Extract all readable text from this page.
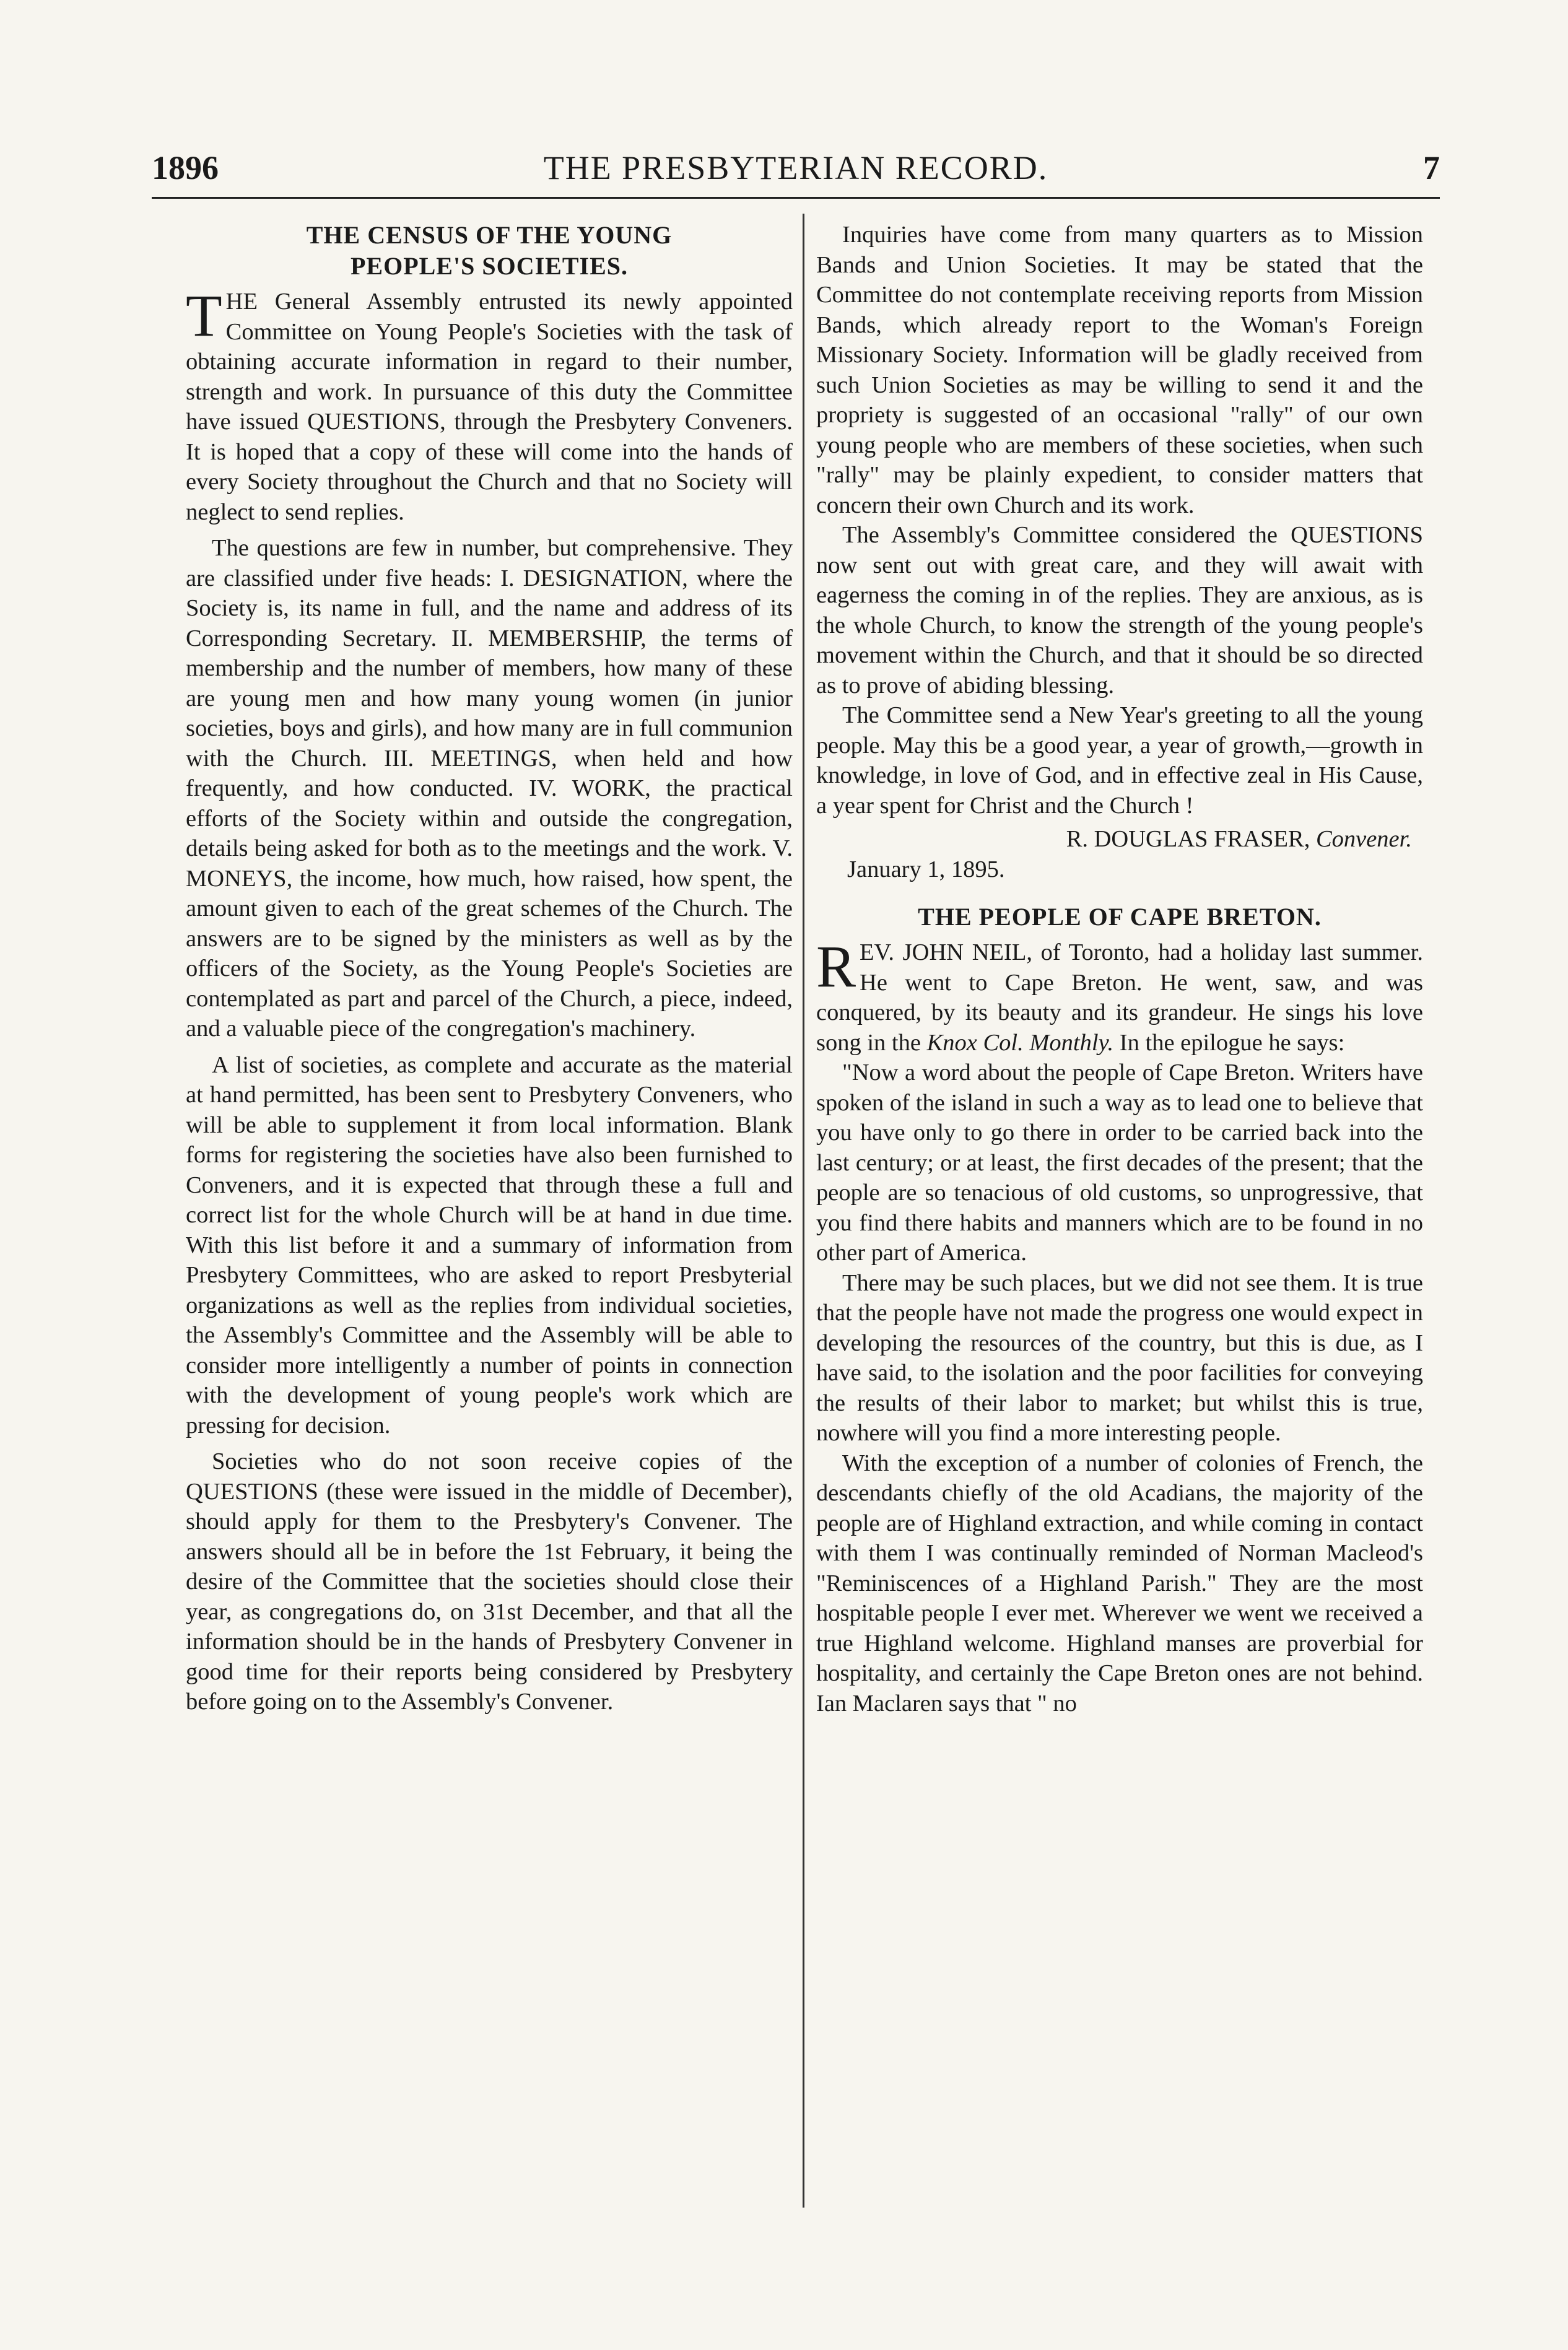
1896	THE PRESBYTERIAN RECORD.	7
THE CENSUS OF THE YOUNG
PEOPLE'S SOCIETIES.

THE General Assembly entrusted its newly appointed Committee on Young People's Societies with the task of obtaining accurate information in regard to their number, strength and work. In pursuance of this duty the Committee have issued QUESTIONS, through the Presbytery Conveners. It is hoped that a copy of these will come into the hands of every Society throughout the Church and that no Society will neglect to send replies.

The questions are few in number, but comprehensive. They are classified under five heads: I. DESIGNATION, where the Society is, its name in full, and the name and address of its Corresponding Secretary. II. MEMBERSHIP, the terms of membership and the number of members, how many of these are young men and how many young women (in junior societies, boys and girls), and how many are in full communion with the Church. III. MEETINGS, when held and how frequently, and how conducted. IV. WORK, the practical efforts of the Society within and outside the congregation, details being asked for both as to the meetings and the work. V. MONEYS, the income, how much, how raised, how spent, the amount given to each of the great schemes of the Church. The answers are to be signed by the ministers as well as by the officers of the Society, as the Young People's Societies are contemplated as part and parcel of the Church, a piece, indeed, and a valuable piece of the congregation's machinery.

A list of societies, as complete and accurate as the material at hand permitted, has been sent to Presbytery Conveners, who will be able to supplement it from local information. Blank forms for registering the societies have also been furnished to Conveners, and it is expected that through these a full and correct list for the whole Church will be at hand in due time. With this list before it and a summary of information from Presbytery Committees, who are asked to report Presbyterial organizations as well as the replies from individual societies, the Assembly's Committee and the Assembly will be able to consider more intelligently a number of points in connection with the development of young people's work which are pressing for decision.

Societies who do not soon receive copies of the QUESTIONS (these were issued in the middle of December), should apply for them to the Presbytery's Convener. The answers should all be in before the 1st February, it being the desire of the Committee that the societies should close their year, as congregations do, on 31st December, and that all the information should be in the hands of Presbytery Convener in good time for their reports being considered by Presbytery before going on to the Assembly's Convener.

Inquiries have come from many quarters as to Mission Bands and Union Societies. It may be stated that the Committee do not contemplate receiving reports from Mission Bands, which already report to the Woman's Foreign Missionary Society. Information will be gladly received from such Union Societies as may be willing to send it and the propriety is suggested of an occasional "rally" of our own young people who are members of these societies, when such "rally" may be plainly expedient, to consider matters that concern their own Church and its work.

The Assembly's Committee considered the QUESTIONS now sent out with great care, and they will await with eagerness the coming in of the replies. They are anxious, as is the whole Church, to know the strength of the young people's movement within the Church, and that it should be so directed as to prove of abiding blessing.

The Committee send a New Year's greeting to all the young people. May this be a good year, a year of growth,—growth in knowledge, in love of God, and in effective zeal in His Cause, a year spent for Christ and the Church !

R. DOUGLAS FRASER, Convener.
January 1, 1895.
THE PEOPLE OF CAPE BRETON.

REV. JOHN NEIL, of Toronto, had a holiday last summer. He went to Cape Breton. He went, saw, and was conquered, by its beauty and its grandeur. He sings his love song in the Knox Col. Monthly. In the epilogue he says:

"Now a word about the people of Cape Breton. Writers have spoken of the island in such a way as to lead one to believe that you have only to go there in order to be carried back into the last century; or at least, the first decades of the present; that the people are so tenacious of old customs, so unprogressive, that you find there habits and manners which are to be found in no other part of America.

There may be such places, but we did not see them. It is true that the people have not made the progress one would expect in developing the resources of the country, but this is due, as I have said, to the isolation and the poor facilities for conveying the results of their labor to market; but whilst this is true, nowhere will you find a more interesting people.

With the exception of a number of colonies of French, the descendants chiefly of the old Acadians, the majority of the people are of Highland extraction, and while coming in contact with them I was continually reminded of Norman Macleod's "Reminiscences of a Highland Parish." They are the most hospitable people I ever met. Wherever we went we received a true Highland welcome. Highland manses are proverbial for hospitality, and certainly the Cape Breton ones are not behind. Ian Maclaren says that " no
